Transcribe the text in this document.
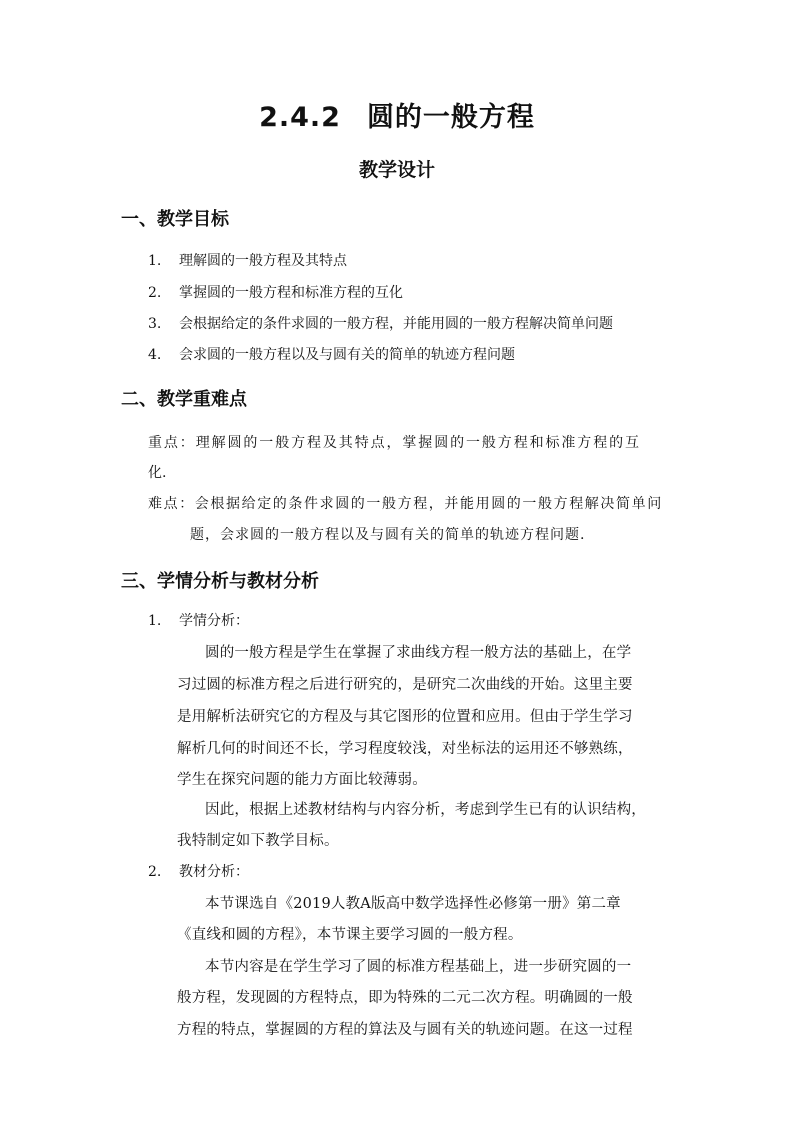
2.4.2 圆的一般方程
教学设计
一、教学目标
1. 理解圆的一般方程及其特点
2. 掌握圆的一般方程和标准方程的互化
3. 会根据给定的条件求圆的一般方程，并能用圆的一般方程解决简单问题
4. 会求圆的一般方程以及与圆有关的简单的轨迹方程问题
二、教学重难点
重点：理解圆的一般方程及其特点，掌握圆的一般方程和标准方程的互
化.
难点：会根据给定的条件求圆的一般方程，并能用圆的一般方程解决简单问
题，会求圆的一般方程以及与圆有关的简单的轨迹方程问题.
三、学情分析与教材分析
1. 学情分析：
圆的一般方程是学生在掌握了求曲线方程一般方法的基础上，在学
习过圆的标准方程之后进行研究的，是研究二次曲线的开始。这里主要
是用解析法研究它的方程及与其它图形的位置和应用。但由于学生学习
解析几何的时间还不长，学习程度较浅，对坐标法的运用还不够熟练，
学生在探究问题的能力方面比较薄弱。
因此，根据上述教材结构与内容分析，考虑到学生已有的认识结构，
我特制定如下教学目标。
2. 教材分析：
本节课选自《2019人教A版高中数学选择性必修第一册》第二章
《直线和圆的方程》，本节课主要学习圆的一般方程。
本节内容是在学生学习了圆的标准方程基础上，进一步研究圆的一
般方程，发现圆的方程特点，即为特殊的二元二次方程。明确圆的一般
方程的特点，掌握圆的方程的算法及与圆有关的轨迹问题。在这一过程
